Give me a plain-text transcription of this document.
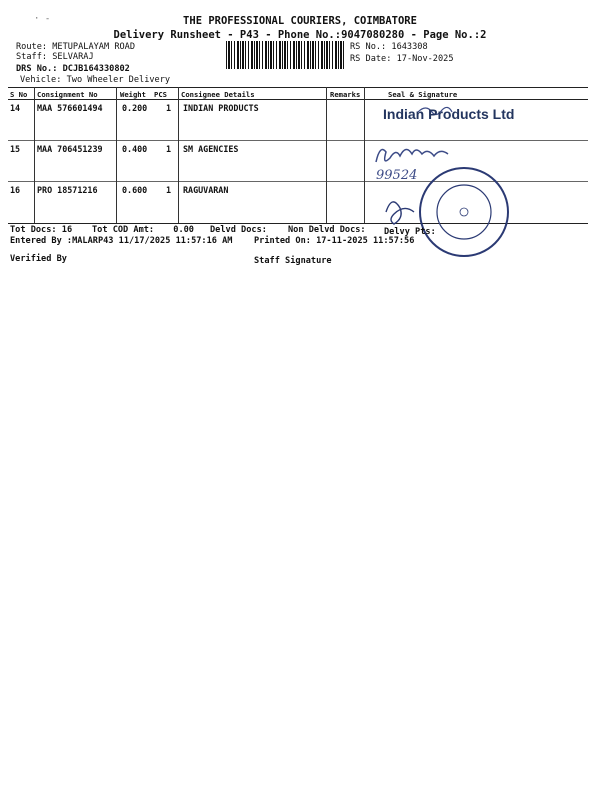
· -	THE PROFESSIONAL COURIERS, COIMBATORE
Delivery Runsheet - P43 - Phone No.:9047080280 - Page No.:2
Route: METUPALAYAM ROAD
Staff: SELVARAJ
DRS No.: DCJB164330802
Vehicle: Two Wheeler Delivery
RS No.: 1643308
RS Date: 17-Nov-2025
S No Consignment No	Weight PCS Consignee Details	Remarks	Seal & Signature
14 MAA 576601494 0.200 1 INDIAN PRODUCTS
15 MAA 706451239 0.400 1 SM AGENCIES
16 PRO 18571216	0.600 1 RAGUVARAN
Indian Products Ltd
99524
Tot Docs: 16 Tot COD Amt: 0.00 Delvd Docs: Non Delvd Docs: Delvy Pts:
Entered By :MALARP43 11/17/2025 11:57:16 AM	Printed On: 17-11-2025 11:57:56
Verified By	Staff Signature
